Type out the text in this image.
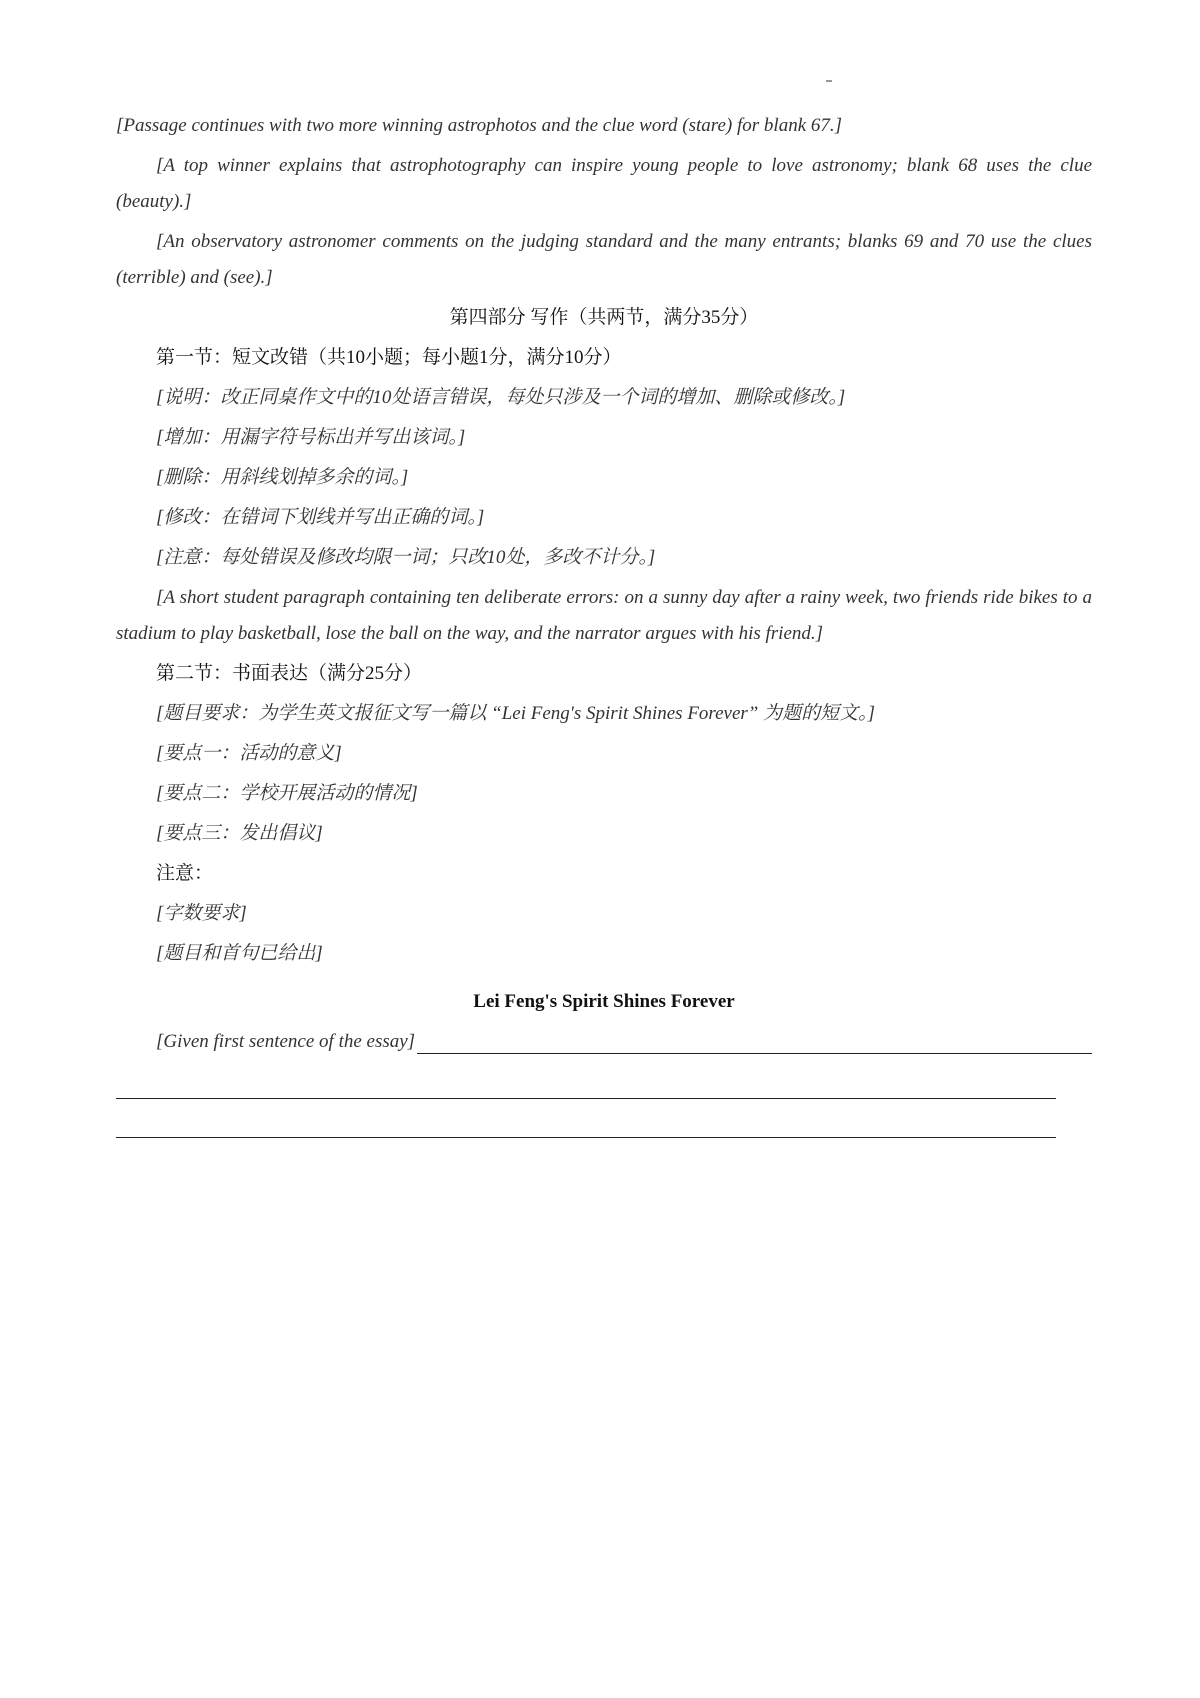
[Passage continues with two more winning astrophotos and the clue word (stare) for blank 67.]

[A top winner explains that astrophotography can inspire young people to love astronomy; blank 68 uses the clue (beauty).]

[An observatory astronomer comments on the judging standard and the many entrants; blanks 69 and 70 use the clues (terrible) and (see).]

第四部分 写作（共两节，满分35分）

第一节：短文改错（共10小题；每小题1分，满分10分）

[说明：改正同桌作文中的10处语言错误，每处只涉及一个词的增加、删除或修改。]

[增加：用漏字符号标出并写出该词。]

[删除：用斜线划掉多余的词。]

[修改：在错词下划线并写出正确的词。]

[注意：每处错误及修改均限一词；只改10处，多改不计分。]

[A short student paragraph containing ten deliberate errors: on a sunny day after a rainy week, two friends ride bikes to a stadium to play basketball, lose the ball on the way, and the narrator argues with his friend.]

第二节：书面表达（满分25分）

[题目要求：为学生英文报征文写一篇以 “Lei Feng's Spirit Shines Forever” 为题的短文。]

[要点一：活动的意义]

[要点二：学校开展活动的情况]

[要点三：发出倡议]

注意：

[字数要求]

[题目和首句已给出]

Lei Feng's Spirit Shines Forever

[Given first sentence of the essay]
